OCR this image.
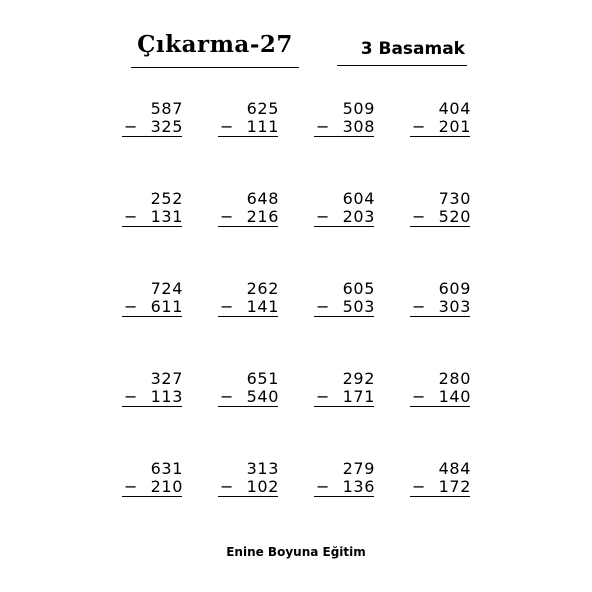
Çıkarma-27	3 Basamak
587
− 325
625
− 111
509
− 308
404
− 201
252
− 131
648
− 216
604
− 203
730
− 520
724
− 611
262
− 141
605
− 503
609
− 303
327
− 113
651
− 540
292
− 171
280
− 140
631
− 210
313
− 102
279
− 136
484
− 172
Enine Boyuna Eğitim
